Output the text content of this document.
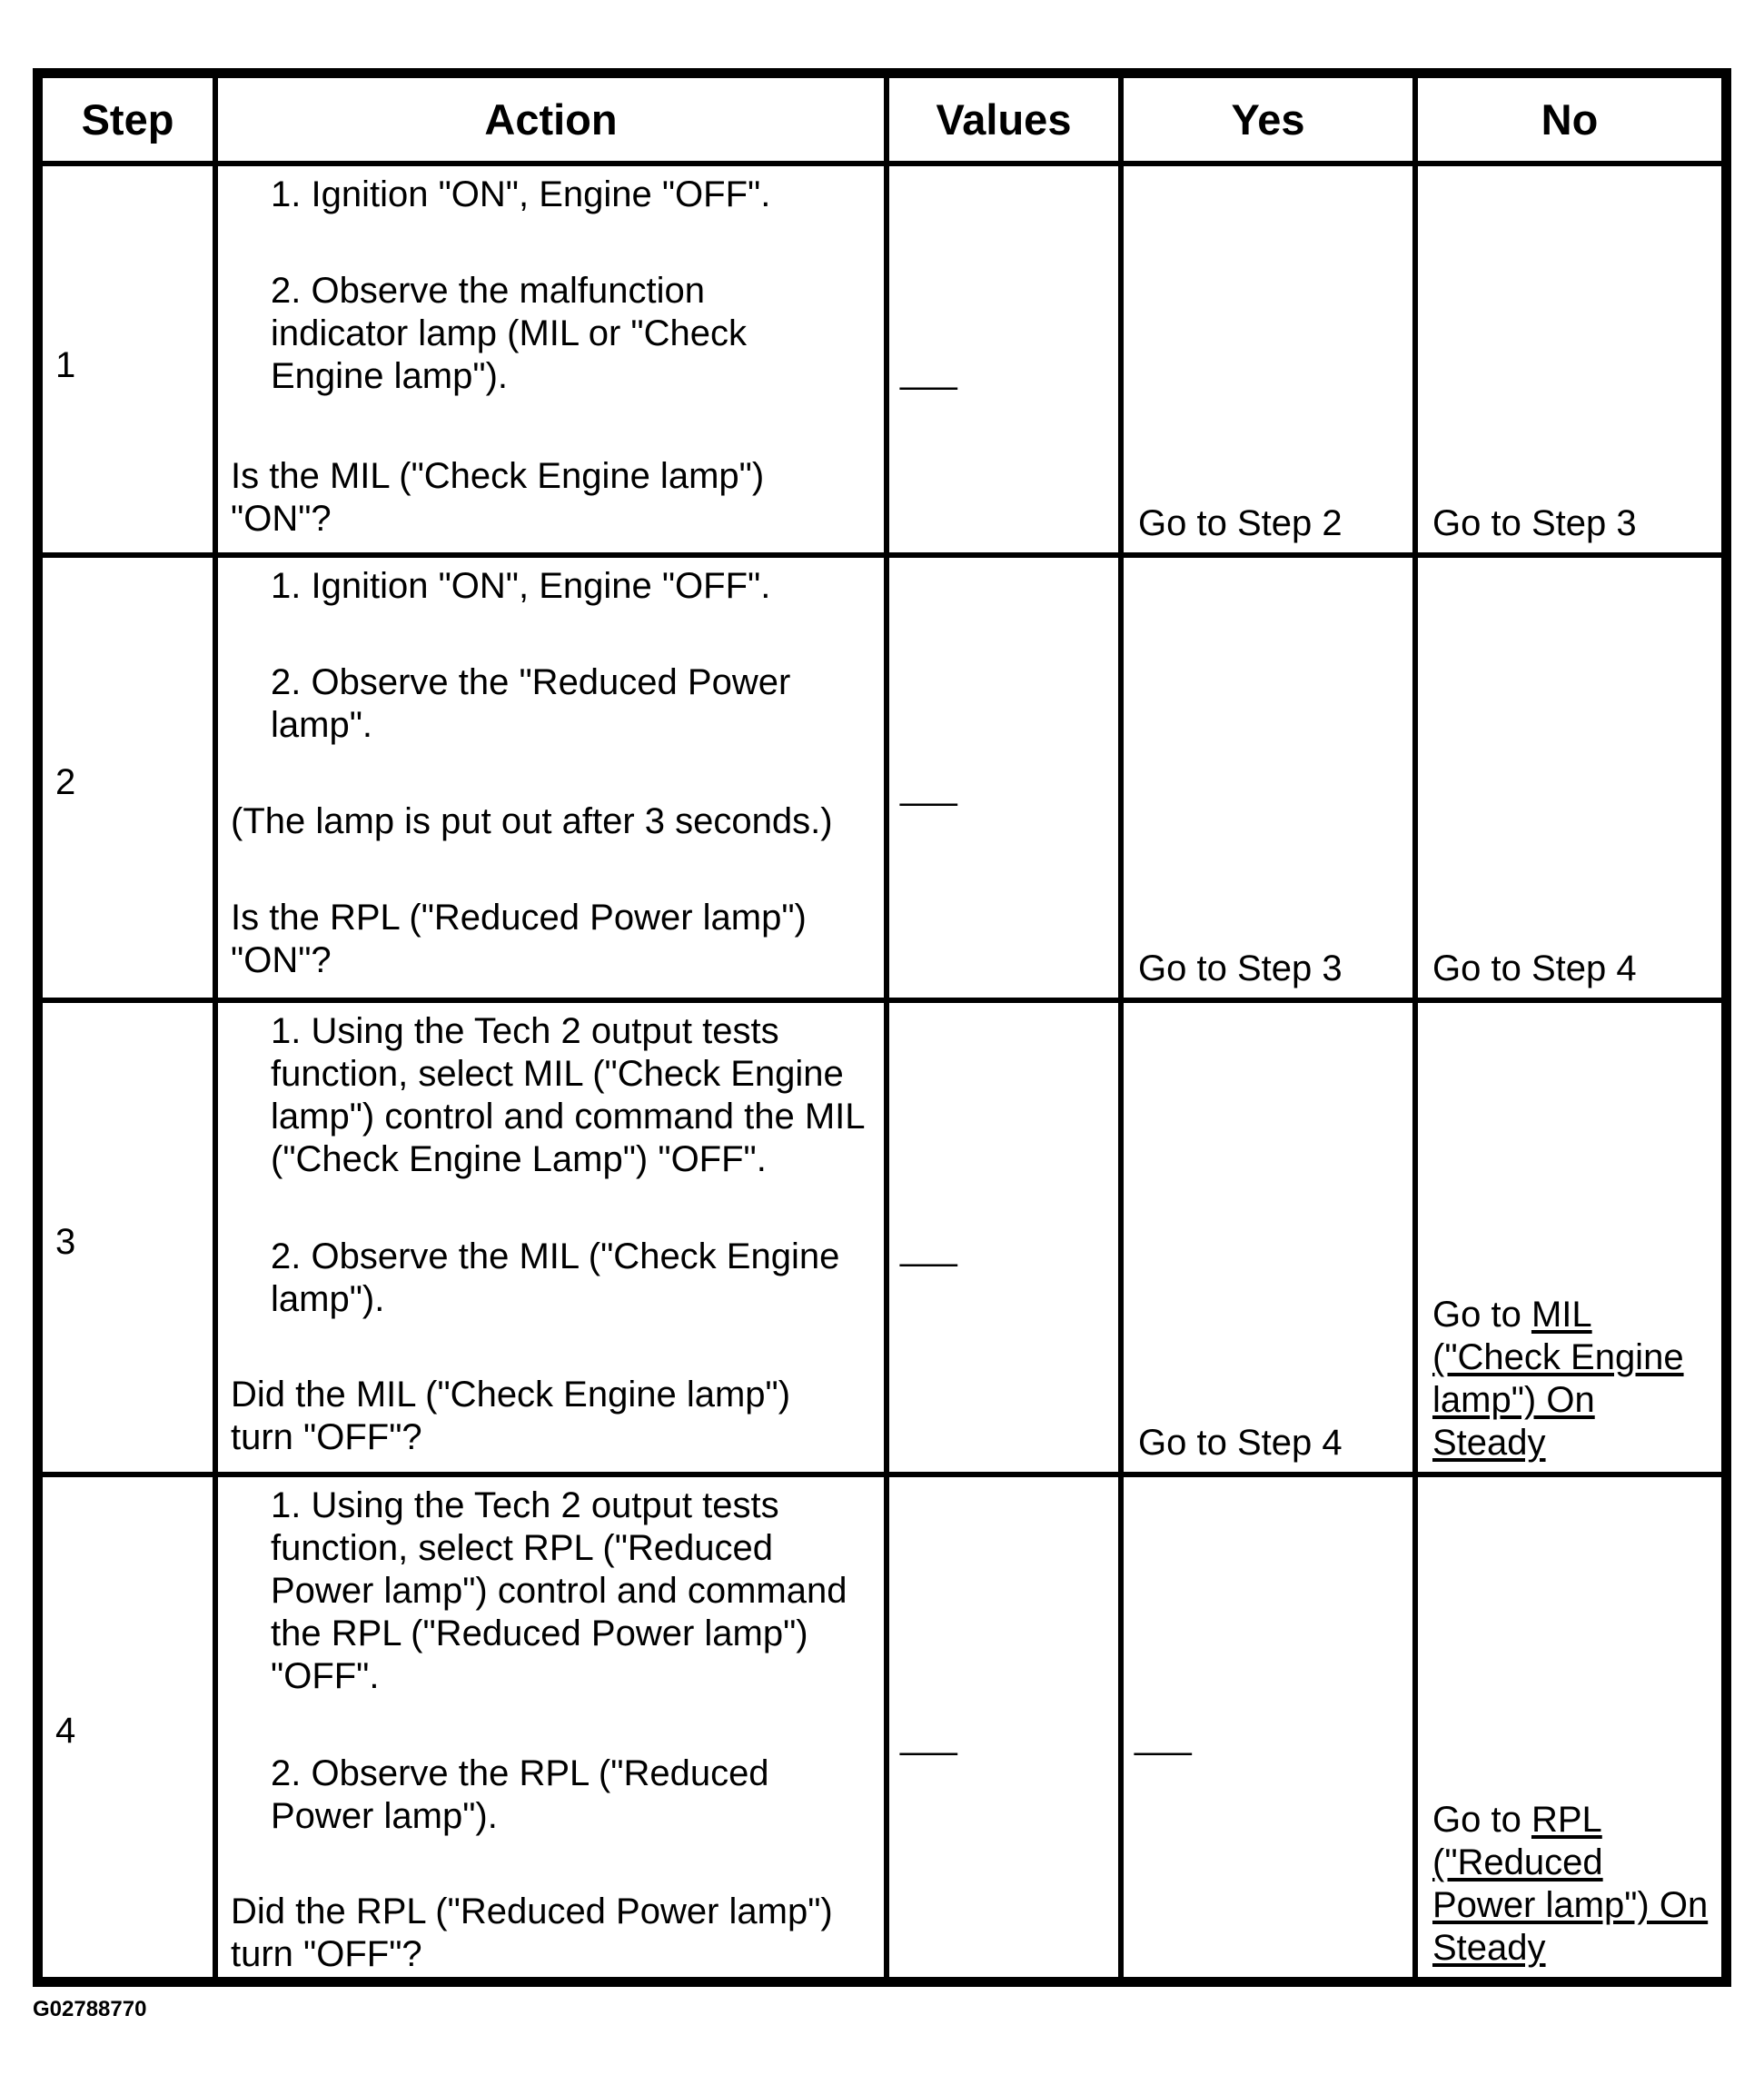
Step	Action	Values	Yes	No

1	1. Ignition "ON", Engine "OFF".
2. Observe the malfunction indicator lamp (MIL or "Check Engine lamp").
Is the MIL ("Check Engine lamp") "ON"?	___	Go to Step 2	Go to Step 3

2	1. Ignition "ON", Engine "OFF".
2. Observe the "Reduced Power lamp".
(The lamp is put out after 3 seconds.)
Is the RPL ("Reduced Power lamp") "ON"?	___	Go to Step 3	Go to Step 4

3	1. Using the Tech 2 output tests function, select MIL ("Check Engine lamp") control and command the MIL ("Check Engine Lamp") "OFF".
2. Observe the MIL ("Check Engine lamp").
Did the MIL ("Check Engine lamp") turn "OFF"?	___	Go to Step 4	Go to MIL ("Check Engine lamp") On Steady

4	1. Using the Tech 2 output tests function, select RPL ("Reduced Power lamp") control and command the RPL ("Reduced Power lamp") "OFF".
2. Observe the RPL ("Reduced Power lamp").
Did the RPL ("Reduced Power lamp") turn "OFF"?	___	___	Go to RPL ("Reduced Power lamp") On Steady
G02788770
